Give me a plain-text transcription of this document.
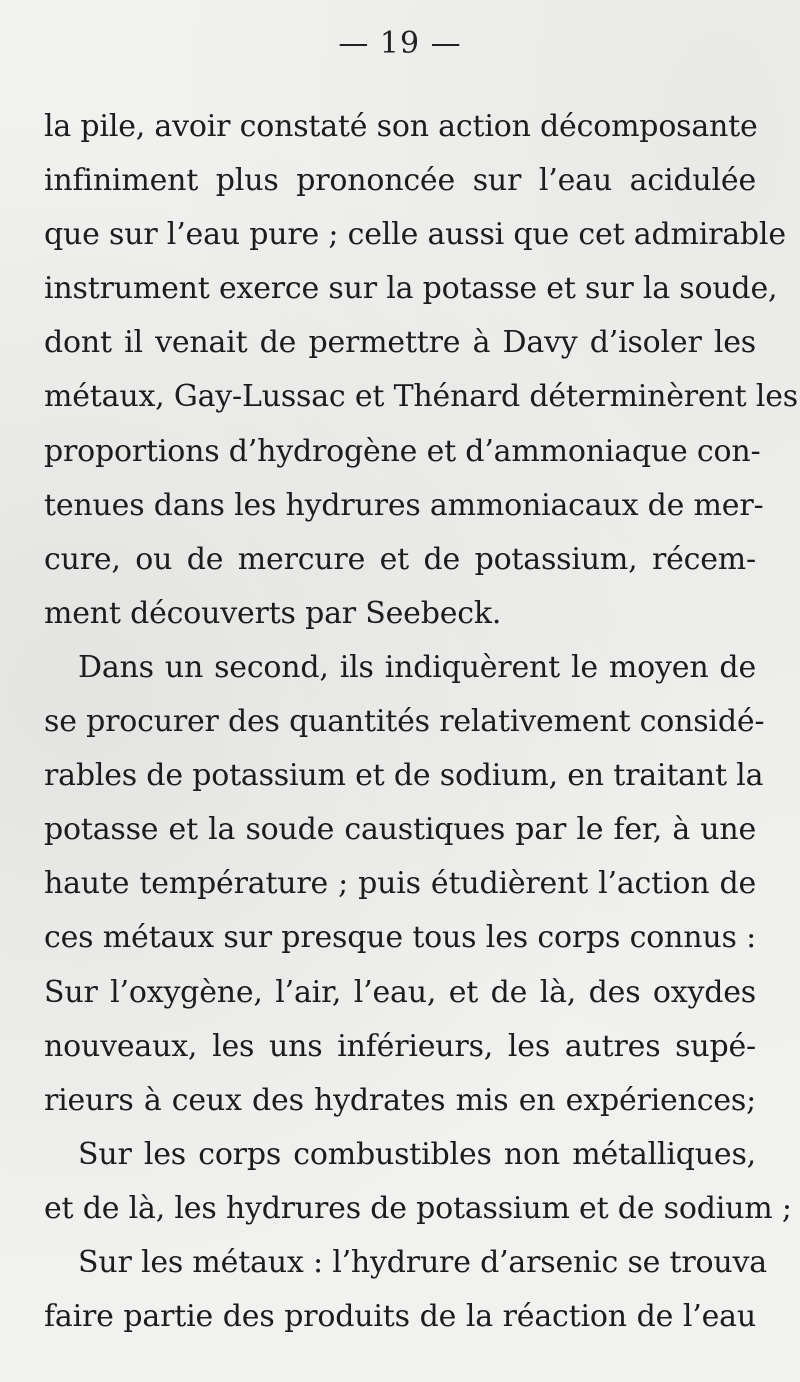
— 19 —
la pile, avoir constaté son action décomposante
infiniment plus prononcée sur l’eau acidulée
que sur l’eau pure ; celle aussi que cet admirable
instrument exerce sur la potasse et sur la soude,
dont il venait de permettre à Davy d’isoler les
métaux, Gay-Lussac et Thénard déterminèrent les
proportions d’hydrogène et d’ammoniaque con-
tenues dans les hydrures ammoniacaux de mer-
cure, ou de mercure et de potassium, récem-
ment découverts par Seebeck.
Dans un second, ils indiquèrent le moyen de
se procurer des quantités relativement considé-
rables de potassium et de sodium, en traitant la
potasse et la soude caustiques par le fer, à une
haute température ; puis étudièrent l’action de
ces métaux sur presque tous les corps connus :
Sur l’oxygène, l’air, l’eau, et de là, des oxydes
nouveaux, les uns inférieurs, les autres supé-
rieurs à ceux des hydrates mis en expériences;
Sur les corps combustibles non métalliques,
et de là, les hydrures de potassium et de sodium ;
Sur les métaux : l’hydrure d’arsenic se trouva
faire partie des produits de la réaction de l’eau
